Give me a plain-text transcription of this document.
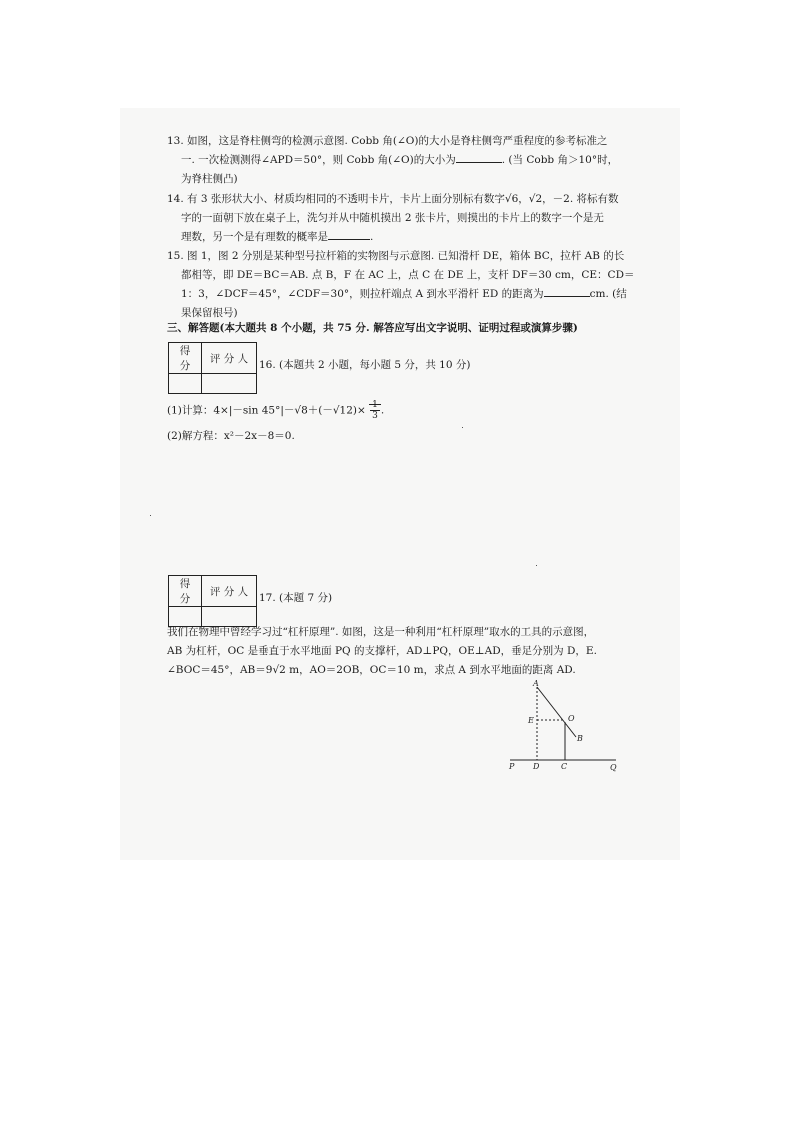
13. 如图，这是脊柱侧弯的检测示意图. Cobb 角(∠O)的大小是脊柱侧弯严重程度的参考标准之
一. 一次检测测得∠APD＝50°，则 Cobb 角(∠O)的大小为	. (当 Cobb 角＞10°时，
为脊柱侧凸)
14. 有 3 张形状大小、材质均相同的不透明卡片，卡片上面分别标有数字√6，√2，－2. 将标有数
字的一面朝下放在桌子上，洗匀并从中随机摸出 2 张卡片，则摸出的卡片上的数字一个是无
理数，另一个是有理数的概率是	.
15. 图 1，图 2 分别是某种型号拉杆箱的实物图与示意图. 已知滑杆 DE，箱体 BC，拉杆 AB 的长
都相等，即 DE＝BC＝AB. 点 B，F 在 AC 上，点 C 在 DE 上，支杆 DF＝30 cm，CE：CD＝
1：3，∠DCF＝45°，∠CDF＝30°，则拉杆端点 A 到水平滑杆 ED 的距离为	cm. (结
果保留根号)
三、解答题(本大题共 8 个小题，共 75 分. 解答应写出文字说明、证明过程或演算步骤)
得 分	评 分 人

16. (本题共 2 小题，每小题 5 分，共 10 分)
(1)计算：4×|－sin $45^\circ|-√8+(-√12)\times \frac{1}{3}$ .
(2)解方程：x²－2x－8＝0.
得 分	评 分 人

17. (本题 7 分)
我们在物理中曾经学习过“杠杆原理”. 如图，这是一种利用“杠杆原理”取水的工具的示意图，
AB 为杠杆，OC 是垂直于水平地面 PQ 的支撑杆，AD⊥PQ，OE⊥AD，垂足分别为 D，E.
∠BOC＝45°，AB＝9√2 m，AO＝2OB，OC＝10 m，求点 A 到水平地面的距离 AD.
A
E	O
B
P D	C	Q
